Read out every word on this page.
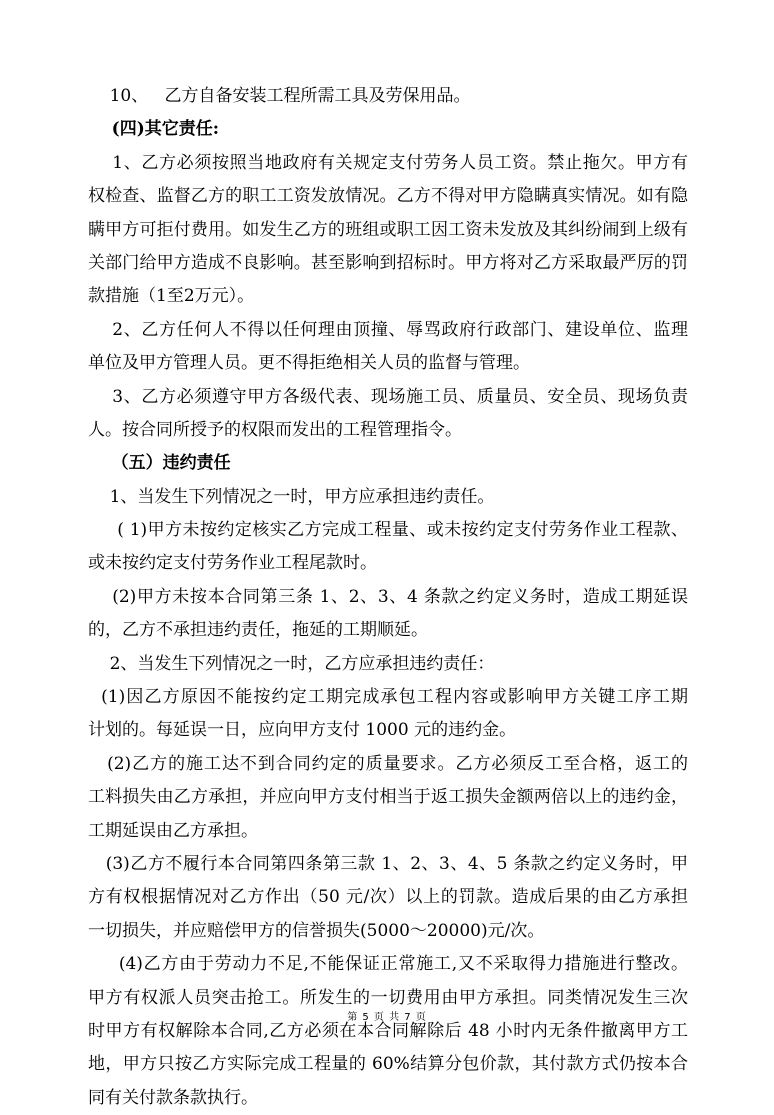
10、   乙方自备安装工程所需工具及劳保用品。
(四)其它责任:
1、乙方必须按照当地政府有关规定支付劳务人员工资。禁止拖欠。甲方有
权检查、监督乙方的职工工资发放情况。乙方不得对甲方隐瞒真实情况。如有隐
瞒甲方可拒付费用。如发生乙方的班组或职工因工资未发放及其纠纷闹到上级有
关部门给甲方造成不良影响。甚至影响到招标时。甲方将对乙方采取最严厉的罚
款措施（1至2万元）。
2、乙方任何人不得以任何理由顶撞、辱骂政府行政部门、建设单位、监理
单位及甲方管理人员。更不得拒绝相关人员的监督与管理。
3、乙方必须遵守甲方各级代表、现场施工员、质量员、安全员、现场负责
人。按合同所授予的权限而发出的工程管理指令。
（五）违约责任
1、当发生下列情况之一时，甲方应承担违约责任。
( 1)甲方未按约定核实乙方完成工程量、或未按约定支付劳务作业工程款、
或未按约定支付劳务作业工程尾款时。
(2)甲方未按本合同第三条 1、2、3、4 条款之约定义务时，造成工期延误
的，乙方不承担违约责任，拖延的工期顺延。
2、当发生下列情况之一时，乙方应承担违约责任：
(1)因乙方原因不能按约定工期完成承包工程内容或影响甲方关键工序工期
计划的。每延误一日，应向甲方支付 1000 元的违约金。
(2)乙方的施工达不到合同约定的质量要求。乙方必须反工至合格，返工的
工料损失由乙方承担，并应向甲方支付相当于返工损失金额两倍以上的违约金，
工期延误由乙方承担。
(3)乙方不履行本合同第四条第三款 1、2、3、4、5 条款之约定义务时，甲
方有权根据情况对乙方作出（50 元/次）以上的罚款。造成后果的由乙方承担
一切损失，并应赔偿甲方的信誉损失(5000～20000)元/次。
(4)乙方由于劳动力不足,不能保证正常施工,又不采取得力措施进行整改。
甲方有权派人员突击抢工。所发生的一切费用由甲方承担。同类情况发生三次
时甲方有权解除本合同,乙方必须在本合同解除后 48 小时内无条件撤离甲方工
地，甲方只按乙方实际完成工程量的 60%结算分包价款，其付款方式仍按本合
同有关付款条款执行。
第 5 页 共 7 页
